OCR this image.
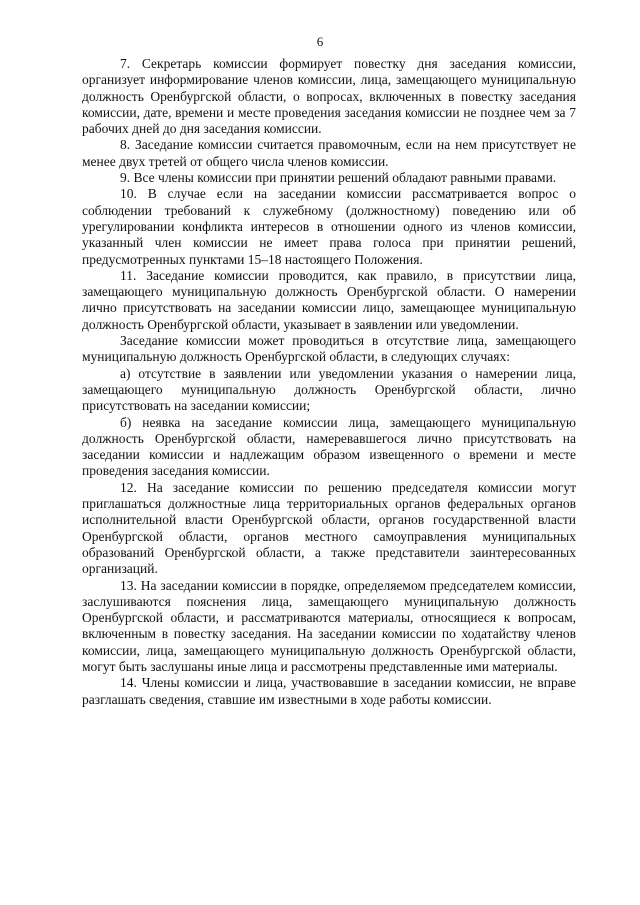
6

7. Секретарь комиссии формирует повестку дня заседания комиссии, организует информирование членов комиссии, лица, замещающего муниципальную должность Оренбургской области, о вопросах, включенных в повестку заседания комиссии, дате, времени и месте проведения заседания комиссии не позднее чем за 7 рабочих дней до дня заседания комиссии.

8. Заседание комиссии считается правомочным, если на нем присутствует не менее двух третей от общего числа членов комиссии.

9. Все члены комиссии при принятии решений обладают равными правами.

10. В случае если на заседании комиссии рассматривается вопрос о соблюдении требований к служебному (должностному) поведению или об урегулировании конфликта интересов в отношении одного из членов комиссии, указанный член комиссии не имеет права голоса при принятии решений, предусмотренных пунктами 15–18 настоящего Положения.

11. Заседание комиссии проводится, как правило, в присутствии лица, замещающего муниципальную должность Оренбургской области. О намерении лично присутствовать на заседании комиссии лицо, замещающее муниципальную должность Оренбургской области, указывает в заявлении или уведомлении.

Заседание комиссии может проводиться в отсутствие лица, замещающего муниципальную должность Оренбургской области, в следующих случаях:

а) отсутствие в заявлении или уведомлении указания о намерении лица, замещающего муниципальную должность Оренбургской области, лично присутствовать на заседании комиссии;

б) неявка на заседание комиссии лица, замещающего муниципальную должность Оренбургской области, намеревавшегося лично присутствовать на заседании комиссии и надлежащим образом извещенного о времени и месте проведения заседания комиссии.

12. На заседание комиссии по решению председателя комиссии могут приглашаться должностные лица территориальных органов федеральных органов исполнительной власти Оренбургской области, органов государственной власти Оренбургской области, органов местного самоуправления муниципальных образований Оренбургской области, а также представители заинтересованных организаций.

13. На заседании комиссии в порядке, определяемом председателем комиссии, заслушиваются пояснения лица, замещающего муниципальную должность Оренбургской области, и рассматриваются материалы, относящиеся к вопросам, включенным в повестку заседания. На заседании комиссии по ходатайству членов комиссии, лица, замещающего муниципальную должность Оренбургской области, могут быть заслушаны иные лица и рассмотрены представленные ими материалы.

14. Члены комиссии и лица, участвовавшие в заседании комиссии, не вправе разглашать сведения, ставшие им известными в ходе работы комиссии.
